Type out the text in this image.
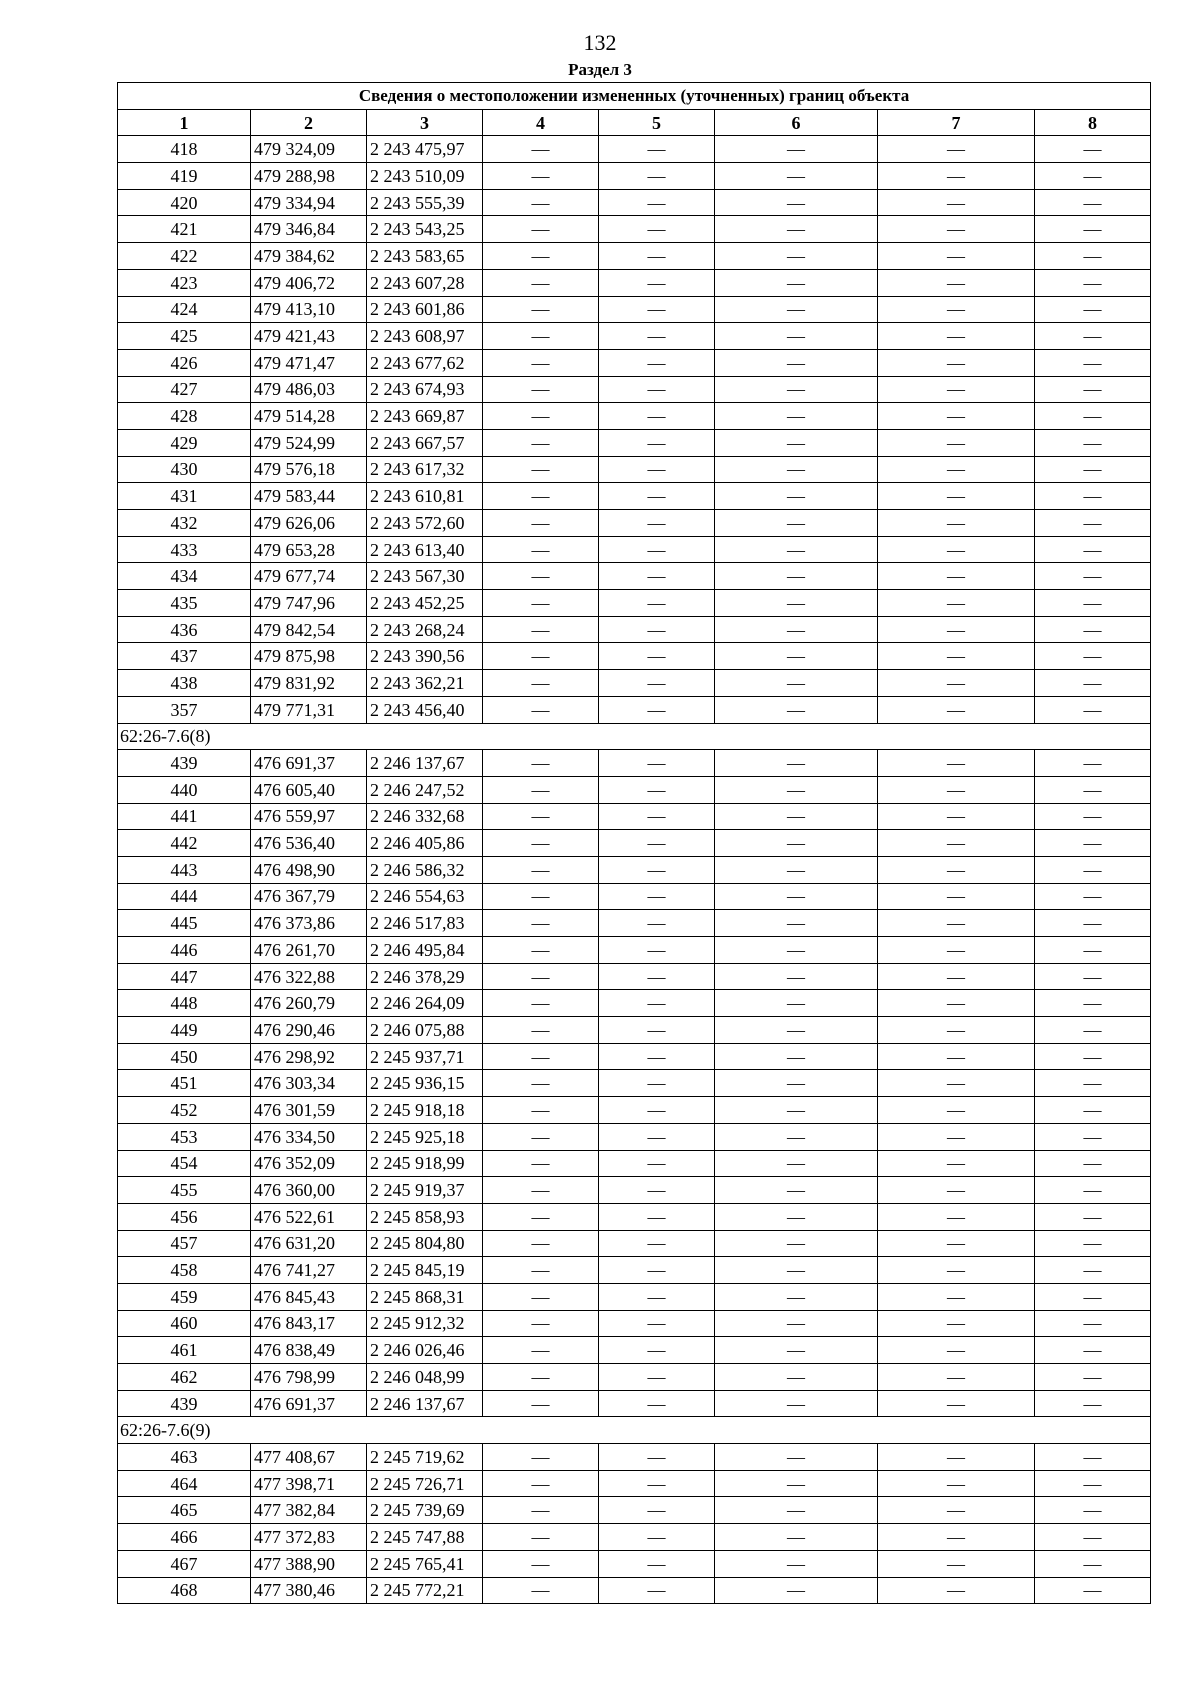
132
Раздел 3
Сведения о местоположении измененных (уточненных) границ объекта							
1	2	3	4	5	6	7	8
418	479 324,09	2 243 475,97	—	—	—	—	—
419	479 288,98	2 243 510,09	—	—	—	—	—
420	479 334,94	2 243 555,39	—	—	—	—	—
421	479 346,84	2 243 543,25	—	—	—	—	—
422	479 384,62	2 243 583,65	—	—	—	—	—
423	479 406,72	2 243 607,28	—	—	—	—	—
424	479 413,10	2 243 601,86	—	—	—	—	—
425	479 421,43	2 243 608,97	—	—	—	—	—
426	479 471,47	2 243 677,62	—	—	—	—	—
427	479 486,03	2 243 674,93	—	—	—	—	—
428	479 514,28	2 243 669,87	—	—	—	—	—
429	479 524,99	2 243 667,57	—	—	—	—	—
430	479 576,18	2 243 617,32	—	—	—	—	—
431	479 583,44	2 243 610,81	—	—	—	—	—
432	479 626,06	2 243 572,60	—	—	—	—	—
433	479 653,28	2 243 613,40	—	—	—	—	—
434	479 677,74	2 243 567,30	—	—	—	—	—
435	479 747,96	2 243 452,25	—	—	—	—	—
436	479 842,54	2 243 268,24	—	—	—	—	—
437	479 875,98	2 243 390,56	—	—	—	—	—
438	479 831,92	2 243 362,21	—	—	—	—	—
357	479 771,31	2 243 456,40	—	—	—	—	—
62:26-7.6(8)							
439	476 691,37	2 246 137,67	—	—	—	—	—
440	476 605,40	2 246 247,52	—	—	—	—	—
441	476 559,97	2 246 332,68	—	—	—	—	—
442	476 536,40	2 246 405,86	—	—	—	—	—
443	476 498,90	2 246 586,32	—	—	—	—	—
444	476 367,79	2 246 554,63	—	—	—	—	—
445	476 373,86	2 246 517,83	—	—	—	—	—
446	476 261,70	2 246 495,84	—	—	—	—	—
447	476 322,88	2 246 378,29	—	—	—	—	—
448	476 260,79	2 246 264,09	—	—	—	—	—
449	476 290,46	2 246 075,88	—	—	—	—	—
450	476 298,92	2 245 937,71	—	—	—	—	—
451	476 303,34	2 245 936,15	—	—	—	—	—
452	476 301,59	2 245 918,18	—	—	—	—	—
453	476 334,50	2 245 925,18	—	—	—	—	—
454	476 352,09	2 245 918,99	—	—	—	—	—
455	476 360,00	2 245 919,37	—	—	—	—	—
456	476 522,61	2 245 858,93	—	—	—	—	—
457	476 631,20	2 245 804,80	—	—	—	—	—
458	476 741,27	2 245 845,19	—	—	—	—	—
459	476 845,43	2 245 868,31	—	—	—	—	—
460	476 843,17	2 245 912,32	—	—	—	—	—
461	476 838,49	2 246 026,46	—	—	—	—	—
462	476 798,99	2 246 048,99	—	—	—	—	—
439	476 691,37	2 246 137,67	—	—	—	—	—
62:26-7.6(9)							
463	477 408,67	2 245 719,62	—	—	—	—	—
464	477 398,71	2 245 726,71	—	—	—	—	—
465	477 382,84	2 245 739,69	—	—	—	—	—
466	477 372,83	2 245 747,88	—	—	—	—	—
467	477 388,90	2 245 765,41	—	—	—	—	—
468	477 380,46	2 245 772,21	—	—	—	—	—
